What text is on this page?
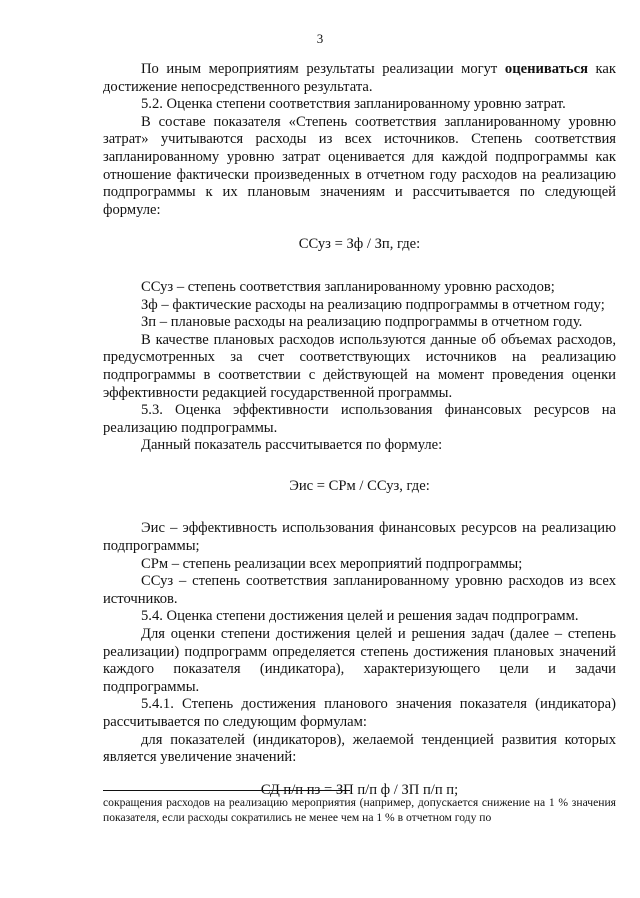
3

По иным мероприятиям результаты реализации могут оцениваться как достижение непосредственного результата.

5.2. Оценка степени соответствия запланированному уровню затрат.

В составе показателя «Степень соответствия запланированному уровню затрат» учитываются расходы из всех источников. Степень соответствия запланированному уровню затрат оценивается для каждой подпрограммы как отношение фактически произведенных в отчетном году расходов на реализацию подпрограммы к их плановым значениям и рассчитывается по следующей формуле:

ССуз = Зф / Зп, где:

ССуз – степень соответствия запланированному уровню расходов;

Зф – фактические расходы на реализацию подпрограммы в отчетном году;

Зп – плановые расходы на реализацию подпрограммы в отчетном году.

В качестве плановых расходов используются данные об объемах расходов, предусмотренных за счет соответствующих источников на реализацию подпрограммы в соответствии с действующей на момент проведения оценки эффективности редакцией государственной программы.

5.3. Оценка эффективности использования финансовых ресурсов на реализацию подпрограммы.

Данный показатель рассчитывается по формуле:

Эис = СРм / ССуз, где:

Эис – эффективность использования финансовых ресурсов на реализацию подпрограммы;

СРм – степень реализации всех мероприятий подпрограммы;

ССуз – степень соответствия запланированному уровню расходов из всех источников.

5.4. Оценка степени достижения целей и решения задач подпрограмм.

Для оценки степени достижения целей и решения задач (далее – степень реализации) подпрограмм определяется степень достижения плановых значений каждого показателя (индикатора), характеризующего цели и задачи подпрограммы.

5.4.1. Степень достижения планового значения показателя (индикатора) рассчитывается по следующим формулам:

для показателей (индикаторов), желаемой тенденцией развития которых является увеличение значений:

СД п/п пз = ЗП п/п ф / ЗП п/п п;

сокращения расходов на реализацию мероприятия (например, допускается снижение на 1 % значения показателя, если расходы сократились не менее чем на 1 % в отчетном году по
